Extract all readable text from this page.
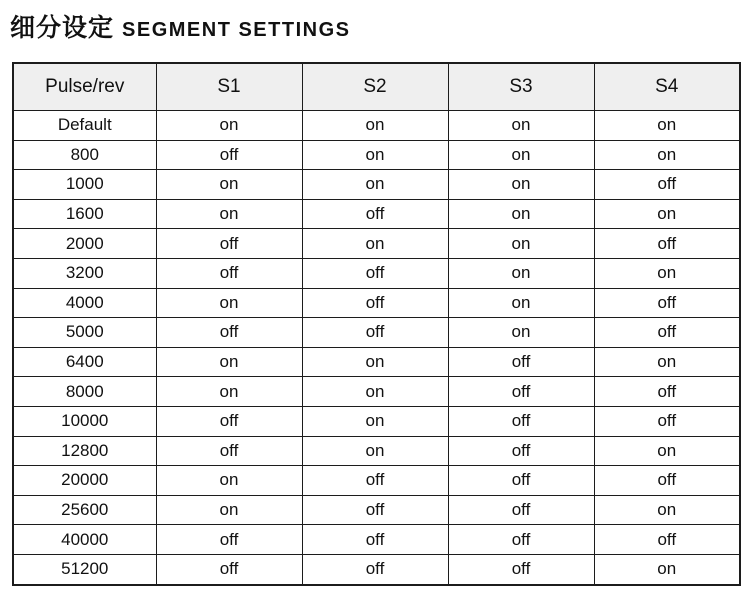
细分设定 SEGMENT SETTINGS
Pulse/rev	S1	S2	S3	S4
Default	on	on	on	on
800	off	on	on	on
1000	on	on	on	off
1600	on	off	on	on
2000	off	on	on	off
3200	off	off	on	on
4000	on	off	on	off
5000	off	off	on	off
6400	on	on	off	on
8000	on	on	off	off
10000	off	on	off	off
12800	off	on	off	on
20000	on	off	off	off
25600	on	off	off	on
40000	off	off	off	off
51200	off	off	off	on
